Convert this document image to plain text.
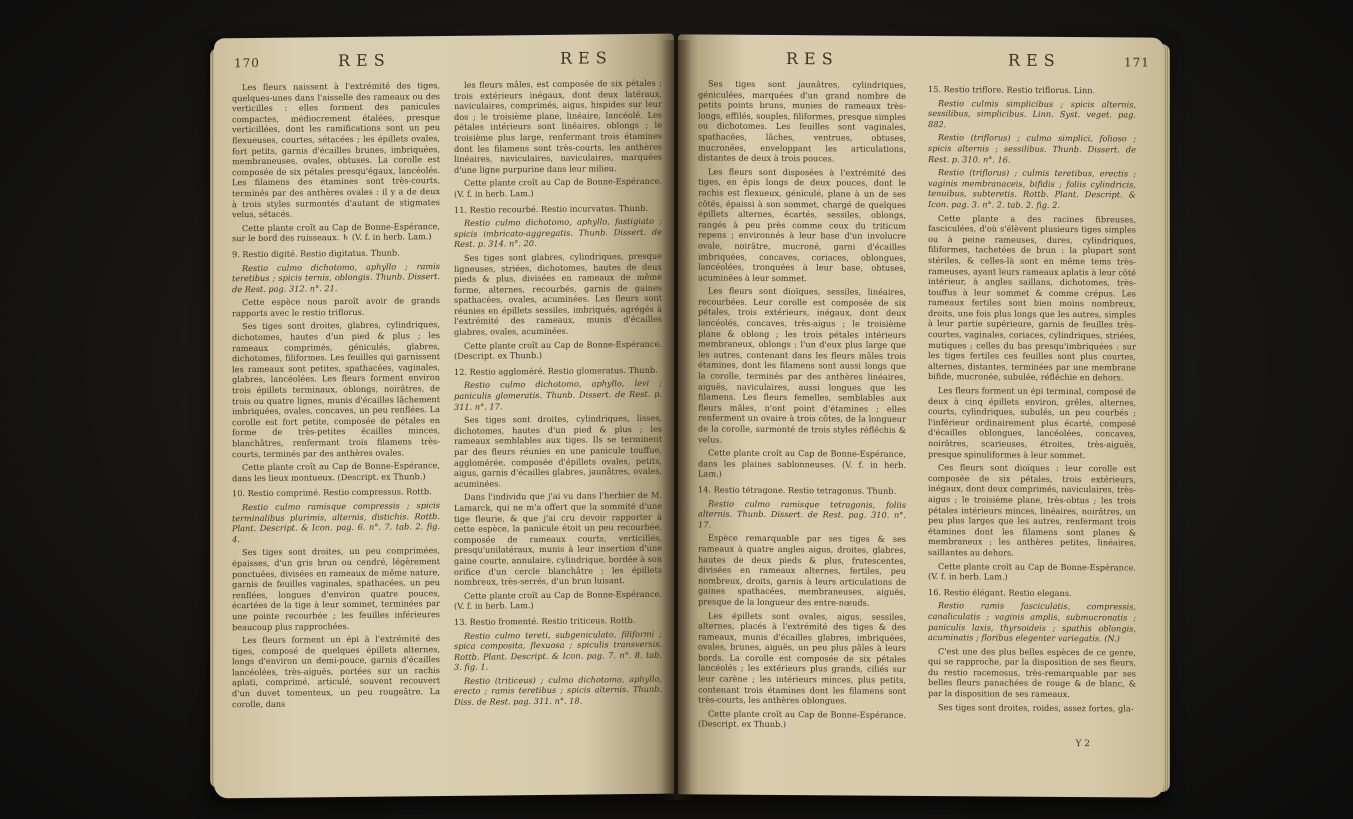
170	RES	RES

Les fleurs naissent à l'extrémité des tiges, quelques-unes dans l'aisselle des rameaux ou des verticilles : elles forment des panicules compactes, médiocrement étalées, presque verticillées, dont les ramifications sont un peu flexueuses, courtes, sétacées ; les épillets ovales, fort petits, garnis d'écailles brunes, imbriquées, membraneuses, ovales, obtuses. La corolle est composée de six pétales presqu'égaux, lancéolés. Les filamens des étamines sont très-courts, terminés par des anthères ovales : il y a de deux à trois styles surmontés d'autant de stigmates velus, sétacés.

Cette plante croît au Cap de Bonne-Espérance, sur le bord des ruisseaux. ♄ (V. f. in herb. Lam.)

9. Restio digité. Restio digitatus. Thunb.

Restio culmo dichotomo, aphyllo ; ramis teretibus ; spicis ternis, oblongis. Thunb. Dissert. de Rest. pag. 312. n°. 21.

Cette espèce nous paroît avoir de grands rapports avec le restio triflorus.

Ses tiges sont droites, glabres, cylindriques, dichotomes, hautes d'un pied & plus ; les rameaux comprimés, géniculés, glabres, dichotomes, filiformes. Les feuilles qui garnissent les rameaux sont petites, spathacées, vaginales, glabres, lancéolées. Les fleurs forment environ trois épillets terminaux, oblongs, noirâtres, de trois ou quatre lignes, munis d'écailles lâchement imbriquées, ovales, concaves, un peu renflées. La corolle est fort petite, composée de pétales en forme de très-petites écailles minces, blanchâtres, renfermant trois filamens très-courts, terminés par des anthères ovales.

Cette plante croît au Cap de Bonne-Espérance, dans les lieux montueux. (Descript. ex Thunb.)

10. Restio comprimé. Restio compressus. Rottb.

Restio culmo ramisque compressis ; spicis terminalibus plurimis, alternis, distichis. Rottb. Plant. Descript. & Icon. pag. 6. n°. 7. tab. 2. fig. 4.

Ses tiges sont droites, un peu comprimées, épaisses, d'un gris brun ou cendré, légèrement ponctuées, divisées en rameaux de même nature, garnis de feuilles vaginales, spathacées, un peu renflées, longues d'environ quatre pouces, écartées de la tige à leur sommet, terminées par une pointe recourbée ; les feuilles inférieures beaucoup plus rapprochées.

Les fleurs forment un épi à l'extrémité des tiges, composé de quelques épillets alternes, longs d'environ un demi-pouce, garnis d'écailles lancéolées, très-aiguës, portées sur un rachis aplati, comprimé, articulé, souvent recouvert d'un duvet tomenteux, un peu rougeâtre. La corolle, dans

les fleurs mâles, est composée de six pétales ; trois extérieurs inégaux, dont deux latéraux, naviculaires, comprimés, aigus, hispides sur leur dos ; le troisième plane, linéaire, lancéolé. Les pétales intérieurs sont linéaires, oblongs ; le troisième plus large, renfermant trois étamines dont les filamens sont très-courts, les anthères linéaires, naviculaires, naviculaires, marquées d'une ligne purpurine dans leur milieu.

Cette plante croît au Cap de Bonne-Espérance. (V. f. in herb. Lam.)

11. Restio recourbé. Restio incurvatus. Thunb.

Restio culmo dichotomo, aphyllo, fastigiato ; spicis imbricato-aggregatis. Thunb. Dissert. de Rest. p. 314. n°. 20.

Ses tiges sont glabres, cylindriques, presque ligneuses, striées, dichotomes, hautes de deux pieds & plus, divisées en rameaux de même forme, alternes, recourbés, garnis de gaines spathacées, ovales, acuminées. Les fleurs sont réunies en épillets sessiles, imbriqués, agrégés à l'extrémité des rameaux, munis d'écailles glabres, ovales, acuminées.

Cette plante croît au Cap de Bonne-Espérance. (Descript. ex Thunb.)

12. Restio aggloméré. Restio glomeratus. Thunb.

Restio culmo dichotomo, aphyllo, levi ; paniculis glomeratis. Thunb. Dissert. de Rest. p. 311. n°. 17.

Ses tiges sont droites, cylindriques, lisses, dichotomes, hautes d'un pied & plus ; les rameaux semblables aux tiges. Ils se terminent par des fleurs réunies en une panicule touffue, agglomérée, composée d'épillets ovales, petits, aigus, garnis d'écailles glabres, jaunâtres, ovales, acuminées.

Dans l'individu que j'ai vu dans l'herbier de M. Lamarck, qui ne m'a offert que la sommité d'une tige fleurie, & que j'ai cru devoir rapporter à cette espèce, la panicule étoit un peu recourbée, composée de rameaux courts, verticillés, presqu'unilatéraux, munis à leur insertion d'une gaine courte, annulaire, cylindrique, bordée à son orifice d'un cercle blanchâtre ; les épillets nombreux, très-serrés, d'un brun luisant.

Cette plante croît au Cap de Bonne-Espérance. (V. f. in herb. Lam.)

13. Restio fromenté. Restio triticeus. Rottb.

Restio culmo tereti, subgeniculato, filiformi ; spica composita, flexuosa ; spiculis transversis. Rottb. Plant. Descript. & Icon. pag. 7. n°. 8. tab. 3. fig. 1.

Restio (triticeus) ; culmo dichotomo, aphyllo, erecto ; ramis teretibus ; spicis alternis. Thunb. Diss. de Rest. pag. 311. n°. 18.

RES	RES	171

Ses tiges sont jaunâtres, cylindriques, géniculées, marquées d'un grand nombre de petits points bruns, munies de rameaux très-longs, effilés, souples, filiformes, presque simples ou dichotomes. Les feuilles sont vaginales, spathacées, lâches, ventrues, obtuses, mucronées, enveloppant les articulations, distantes de deux à trois pouces.

Les fleurs sont disposées à l'extrémité des tiges, en épis longs de deux pouces, dont le rachis est flexueux, géniculé, plane à un de ses côtés, épaissi à son sommet, chargé de quelques épillets alternes, écartés, sessiles, oblongs, rangés à peu près comme ceux du triticum repens ; environnés à leur base d'un involucre ovale, noirâtre, mucroné, garni d'écailles imbriquées, concaves, coriaces, oblongues, lancéolées, tronquées à leur base, obtuses, acuminées à leur sommet.

Les fleurs sont dioïques, sessiles, linéaires, recourbées. Leur corolle est composée de six pétales, trois extérieurs, inégaux, dont deux lancéolés, concaves, très-aigus ; le troisième plane & oblong ; les trois pétales intérieurs membraneux, oblongs ; l'un d'eux plus large que les autres, contenant dans les fleurs mâles trois étamines, dont les filamens sont aussi longs que la corolle, terminés par des anthères linéaires, aiguës, naviculaires, aussi longues que les filamens. Les fleurs femelles, semblables aux fleurs mâles, n'ont point d'étamines ; elles renferment un ovaire à trois côtes, de la longueur de la corolle, surmonté de trois styles réfléchis & velus.

Cette plante croît au Cap de Bonne-Espérance, dans les plaines sablonneuses. (V. f. in herb. Lam.)

14. Restio tétragone. Restio tetragonus. Thunb.

Restio culmo ramisque tetragonis, foliis alternis. Thunb. Dissert. de Rest. pag. 310. n°. 17.

Espèce remarquable par ses tiges & ses rameaux à quatre angles aigus, droites, glabres, hautes de deux pieds & plus, frutescentes, divisées en rameaux alternes, fertiles, peu nombreux, droits, garnis à leurs articulations de gaines spathacées, membraneuses, aiguës, presque de la longueur des entre-nœuds.

Les épillets sont ovales, aigus, sessiles, alternes, placés à l'extrémité des tiges & des rameaux, munis d'écailles glabres, imbriquées, ovales, brunes, aiguës, un peu plus pâles à leurs bords. La corolle est composée de six pétales lancéolés ; les extérieurs plus grands, ciliés sur leur carène ; les intérieurs minces, plus petits, contenant trois étamines dont les filamens sont très-courts, les anthères oblongues.

Cette plante croît au Cap de Bonne-Espérance. (Descript. ex Thunb.)

15. Restio triflore. Restio triflorus. Linn.

Restio culmis simplicibus ; spicis alternis, sessilibus, simplicibus. Linn. Syst. veget. pag. 882.

Restio (triflorus) ; culmo simplici, folioso ; spicis alternis ; sessilibus. Thunb. Dissert. de Rest. p. 310. n°. 16.

Restio (triflorus) ; culmis teretibus, erectis ; vaginis membranaceis, bifidis ; foliis cylindricis, tenuibus, subteretis. Rottb. Plant. Descript. & Icon. pag. 3. n°. 2. tab. 2. fig. 2.

Cette plante a des racines fibreuses, fasciculées, d'où s'élèvent plusieurs tiges simples ou à peine rameuses, dures, cylindriques, filiformes, tachetées de brun : la plupart sont stériles, & celles-là sont en même tems très-rameuses, ayant leurs rameaux aplatis à leur côté intérieur, à angles saillans, dichotomes, très-touffus à leur sommet & comme crépus. Les rameaux fertiles sont bien moins nombreux, droits, une fois plus longs que les autres, simples à leur partie supérieure, garnis de feuilles très-courtes, vaginales, coriaces, cylindriques, striées, mutiques ; celles du bas presqu'imbriquées : sur les tiges fertiles ces feuilles sont plus courtes, alternes, distantes, terminées par une membrane bifide, mucronée, subulée, réfléchie en dehors.

Les fleurs forment un épi terminal, composé de deux à cinq épillets environ, grêles, alternes, courts, cylindriques, subulés, un peu courbés ; l'inférieur ordinairement plus écarté, composé d'écailles oblongues, lancéolées, concaves, noirâtres, scarieuses, étroites, très-aiguës, presque spinuliformes à leur sommet.

Ces fleurs sont dioïques : leur corolle est composée de six pétales, trois extérieurs, inégaux, dont deux comprimés, naviculaires, très-aigus ; le troisième plane, très-obtus ; les trois pétales intérieurs minces, linéaires, noirâtres, un peu plus larges que les autres, renfermant trois étamines dont les filamens sont planes & membraneux ; les anthères petites, linéaires, saillantes au dehors.

Cette plante croît au Cap de Bonne-Espérance. (V. f. in herb. Lam.)

16. Restio élégant. Restio elegans.

Restio ramis fasciculatis, compressis, canaliculatis ; vaginis amplis, submucronatis ; paniculis laxis, thyrsoideis ; spathis oblongis, acuminatis ; floribus elegenter variegatis. (N.)

C'est une des plus belles espèces de ce genre, qui se rapproche, par la disposition de ses fleurs, du restio racemosus, très-remarquable par ses belles fleurs panachées de rouge & de blanc, & par la disposition de ses rameaux.

Ses tiges sont droites, roides, assez fortes, gla-

Y 2
